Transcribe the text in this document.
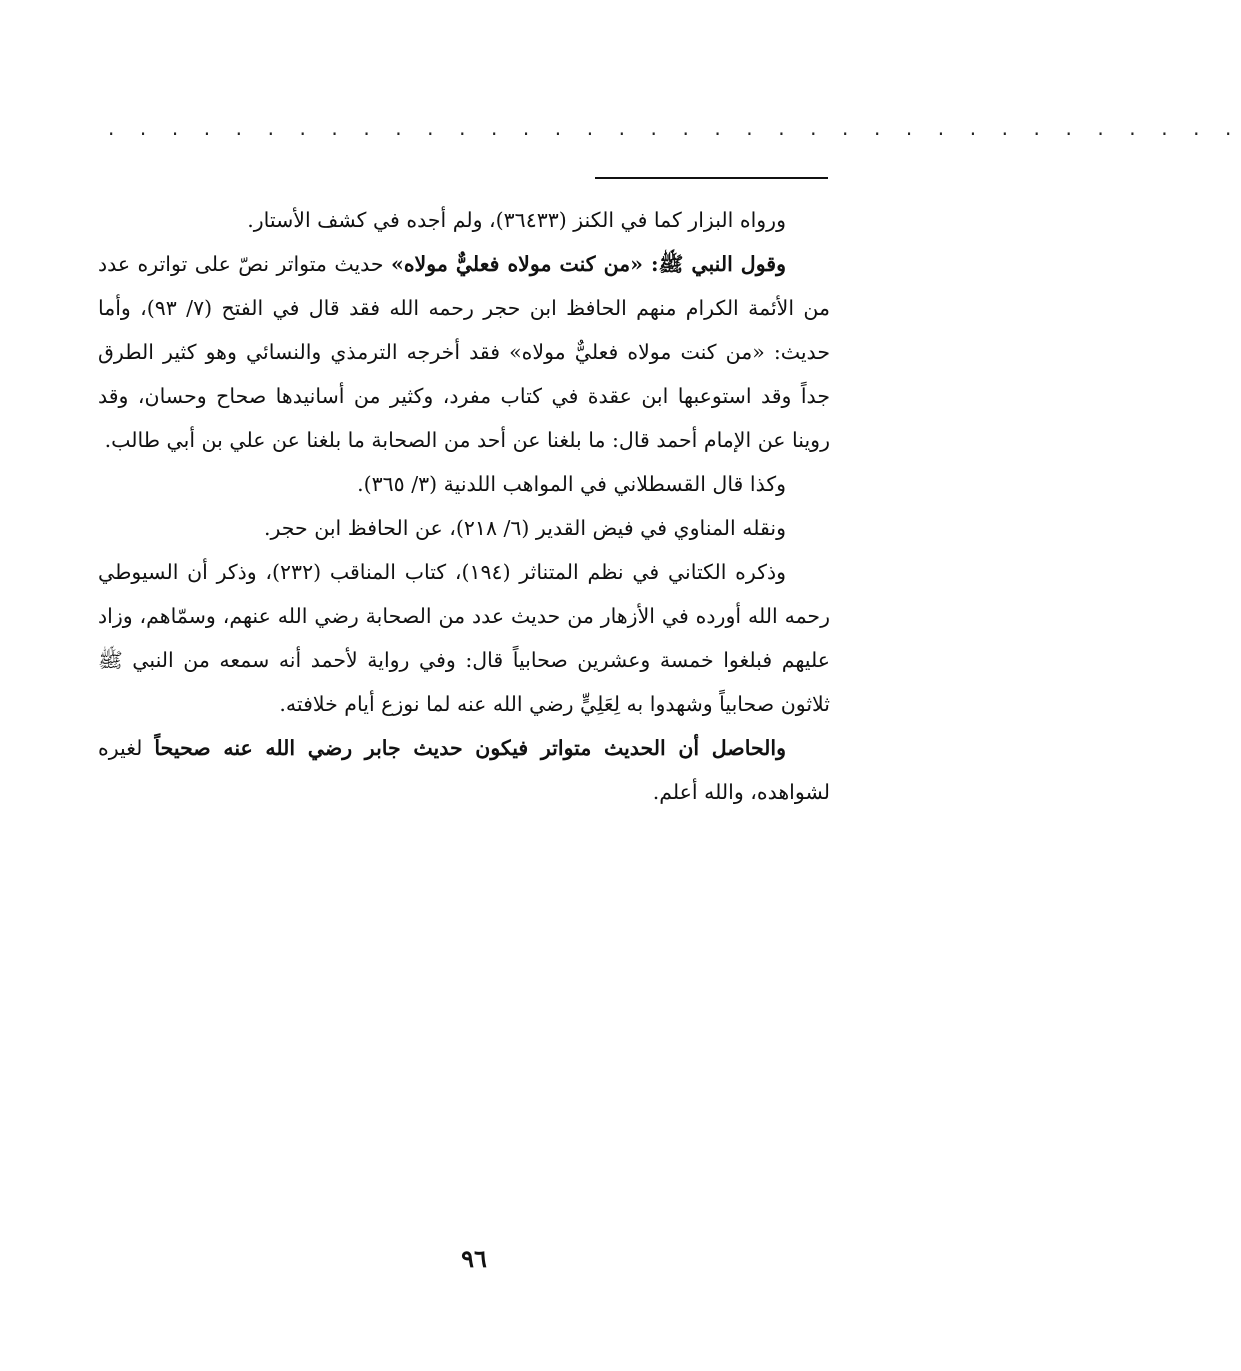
. . . . . . . . . . . . . . . . . . . . . . . . . . . . . . . . . . . .

ورواه البزار كما في الكنز (٣٦٤٣٣)، ولم أجده في كشف الأستار.

وقول النبي ﷺ: «من كنت مولاه فعليٌّ مولاه» حديث متواتر نصّ على تواتره عدد من الأئمة الكرام منهم الحافظ ابن حجر رحمه الله فقد قال في الفتح (٧/ ٩٣)، وأما حديث: «من كنت مولاه فعليٌّ مولاه» فقد أخرجه الترمذي والنسائي وهو كثير الطرق جداً وقد استوعبها ابن عقدة في كتاب مفرد، وكثير من أسانيدها صحاح وحسان، وقد روينا عن الإمام أحمد قال: ما بلغنا عن أحد من الصحابة ما بلغنا عن علي بن أبي طالب.

وكذا قال القسطلاني في المواهب اللدنية (٣/ ٣٦٥).

ونقله المناوي في فيض القدير (٦/ ٢١٨)، عن الحافظ ابن حجر.

وذكره الكتاني في نظم المتناثر (١٩٤)، كتاب المناقب (٢٣٢)، وذكر أن السيوطي رحمه الله أورده في الأزهار من حديث عدد من الصحابة رضي الله عنهم، وسمّاهم، وزاد عليهم فبلغوا خمسة وعشرين صحابياً قال: وفي رواية لأحمد أنه سمعه من النبي ﷺ ثلاثون صحابياً وشهدوا به لِعَلِيٍّ رضي الله عنه لما نوزع أيام خلافته.

والحاصل أن الحديث متواتر فيكون حديث جابر رضي الله عنه صحيحاً لغيره لشواهده، والله أعلم.

٩٦
